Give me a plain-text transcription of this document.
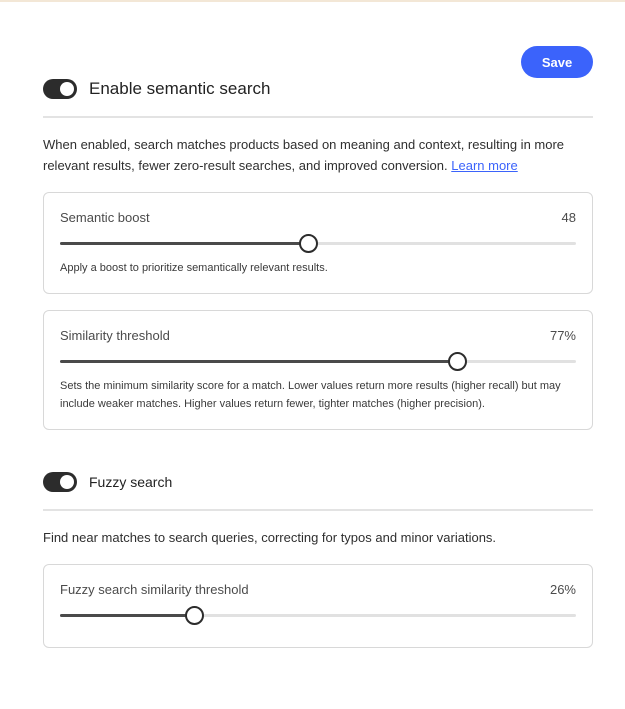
Save
Enable semantic search
When enabled, search matches products based on meaning and context, resulting in more relevant results, fewer zero-result searches, and improved conversion. Learn more
Semantic boost	48
Apply a boost to prioritize semantically relevant results.
Similarity threshold	77%
Sets the minimum similarity score for a match. Lower values return more results (higher recall) but may include weaker matches. Higher values return fewer, tighter matches (higher precision).
Fuzzy search
Find near matches to search queries, correcting for typos and minor variations.
Fuzzy search similarity threshold	26%
